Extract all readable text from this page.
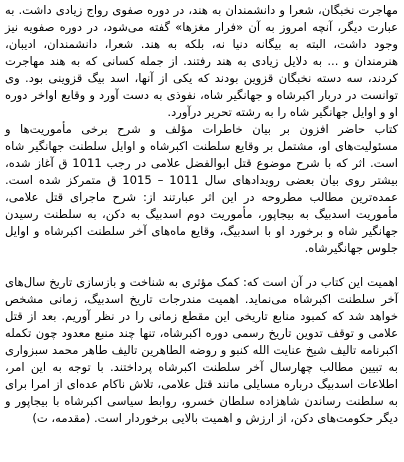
مهاجرت نخبگان، شعرا و دانشمندان به هند، در دوره صفوی رواج زیادی داشت. به عبارت دیگر، آنچه امروز به آن «فرار مغزها» گفته می‌شود، در دوره صفویه نیز وجود داشت، البته به بیگانه دنیا نه، بلکه به هند. شعرا، دانشمندان، ادیبان، هنرمندان و ... به دلایل زیادی به هند رفتند. از جمله کسانی که به هند مهاجرت کردند، سه دسته نخبگان قزوین بودند که یکی از آنها، اسد بیگ قزوینی بود. وی توانست در دربار اکبرشاه و جهانگیر شاه، نفوذی به دست آورد و وقایع اواخر دوره او و اوایل جهانگیر شاه را به رشته تحریر درآورد.

کتاب حاضر افزون بر بیان خاطرات مؤلف و شرح برخی مأموریت‌ها و مسئولیت‌های او، مشتمل بر وقایع سلطنت اکبرشاه و اوایل سلطنت جهانگیر شاه است. اثر که با شرح موضوع قتل ابوالفضل علامی در رجب 1011 ق آغاز شده، بیشتر روی بیان بعضی رویدادهای سال 1011 – 1015 ق متمرکز شده است. عمده‌ترین مطالب مطروحه در این اثر عبارتند از: شرح ماجرای قتل علامی، مأموریت اسدبیگ به بیجاپور، مأموریت دوم اسدبیگ به دکن، به سلطنت رسیدن جهانگیر شاه و برخورد او با اسدبیگ، وقایع ماه‌های آخر سلطنت اکبرشاه و اوایل جلوس جهانگیرشاه.

اهمیت این کتاب در آن است که: کمک مؤثری به شناخت و بازسازی تاریخ سال‌های آخر سلطنت اکبرشاه می‌نماید. اهمیت مندرجات تاریخ اسدبیگ، زمانی مشخص خواهد شد که کمبود منابع تاریخی این مقطع زمانی را در نظر آوریم. بعد از قتل علامی و توقف تدوین تاریخ رسمی دوره اکبرشاه، تنها چند منبع معدود چون تکمله اکبرنامه تالیف شیخ عنایت الله کنبو و روضه الطاهرین تالیف طاهر محمد سبزواری به تبیین مطالب چهارسال آخر سلطنت اکبرشاه پرداختند. با توجه به این امر، اطلاعات اسدبیگ درباره مسایلی مانند قتل علامی، تلاش ناکام عده‌ای از امرا برای به سلطنت رساندن شاهزاده سلطان خسرو، روابط سیاسی اکبرشاه با بیجاپور و دیگر حکومت‌های دکن، از ارزش و اهمیت بالایی برخوردار است. (مقدمه، ت)
